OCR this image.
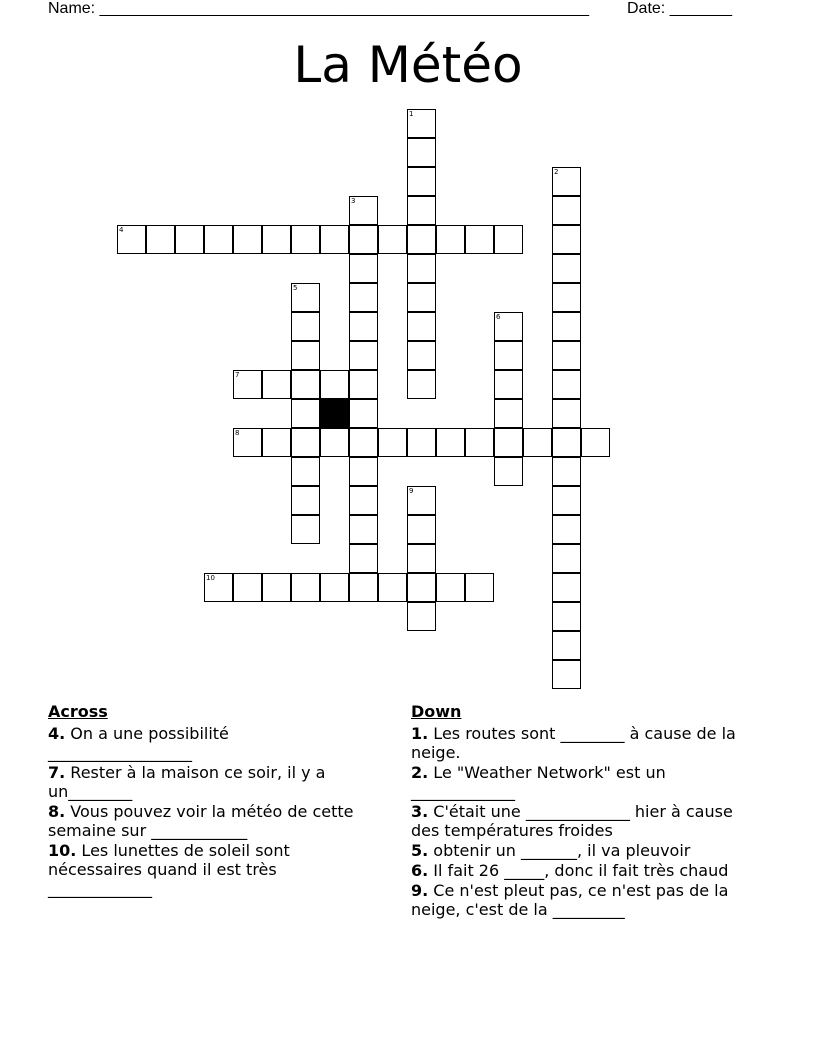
Name: _______________________________________________________ Date: _______
La Météo
1
2
3
4
5
6
7
8
9
10
Across
4. On a une possibilité __________________
7. Rester à la maison ce soir, il y a un________
8. Vous pouvez voir la météo de cette semaine sur ____________
10. Les lunettes de soleil sont nécessaires quand il est très _____________
Down
1. Les routes sont ________ à cause de la neige.
2. Le "Weather Network" est un _____________
3. C'était une _____________ hier à cause des températures froides
5. obtenir un _______, il va pleuvoir
6. Il fait 26 _____, donc il fait très chaud
9. Ce n'est pleut pas, ce n'est pas de la neige, c'est de la _________
